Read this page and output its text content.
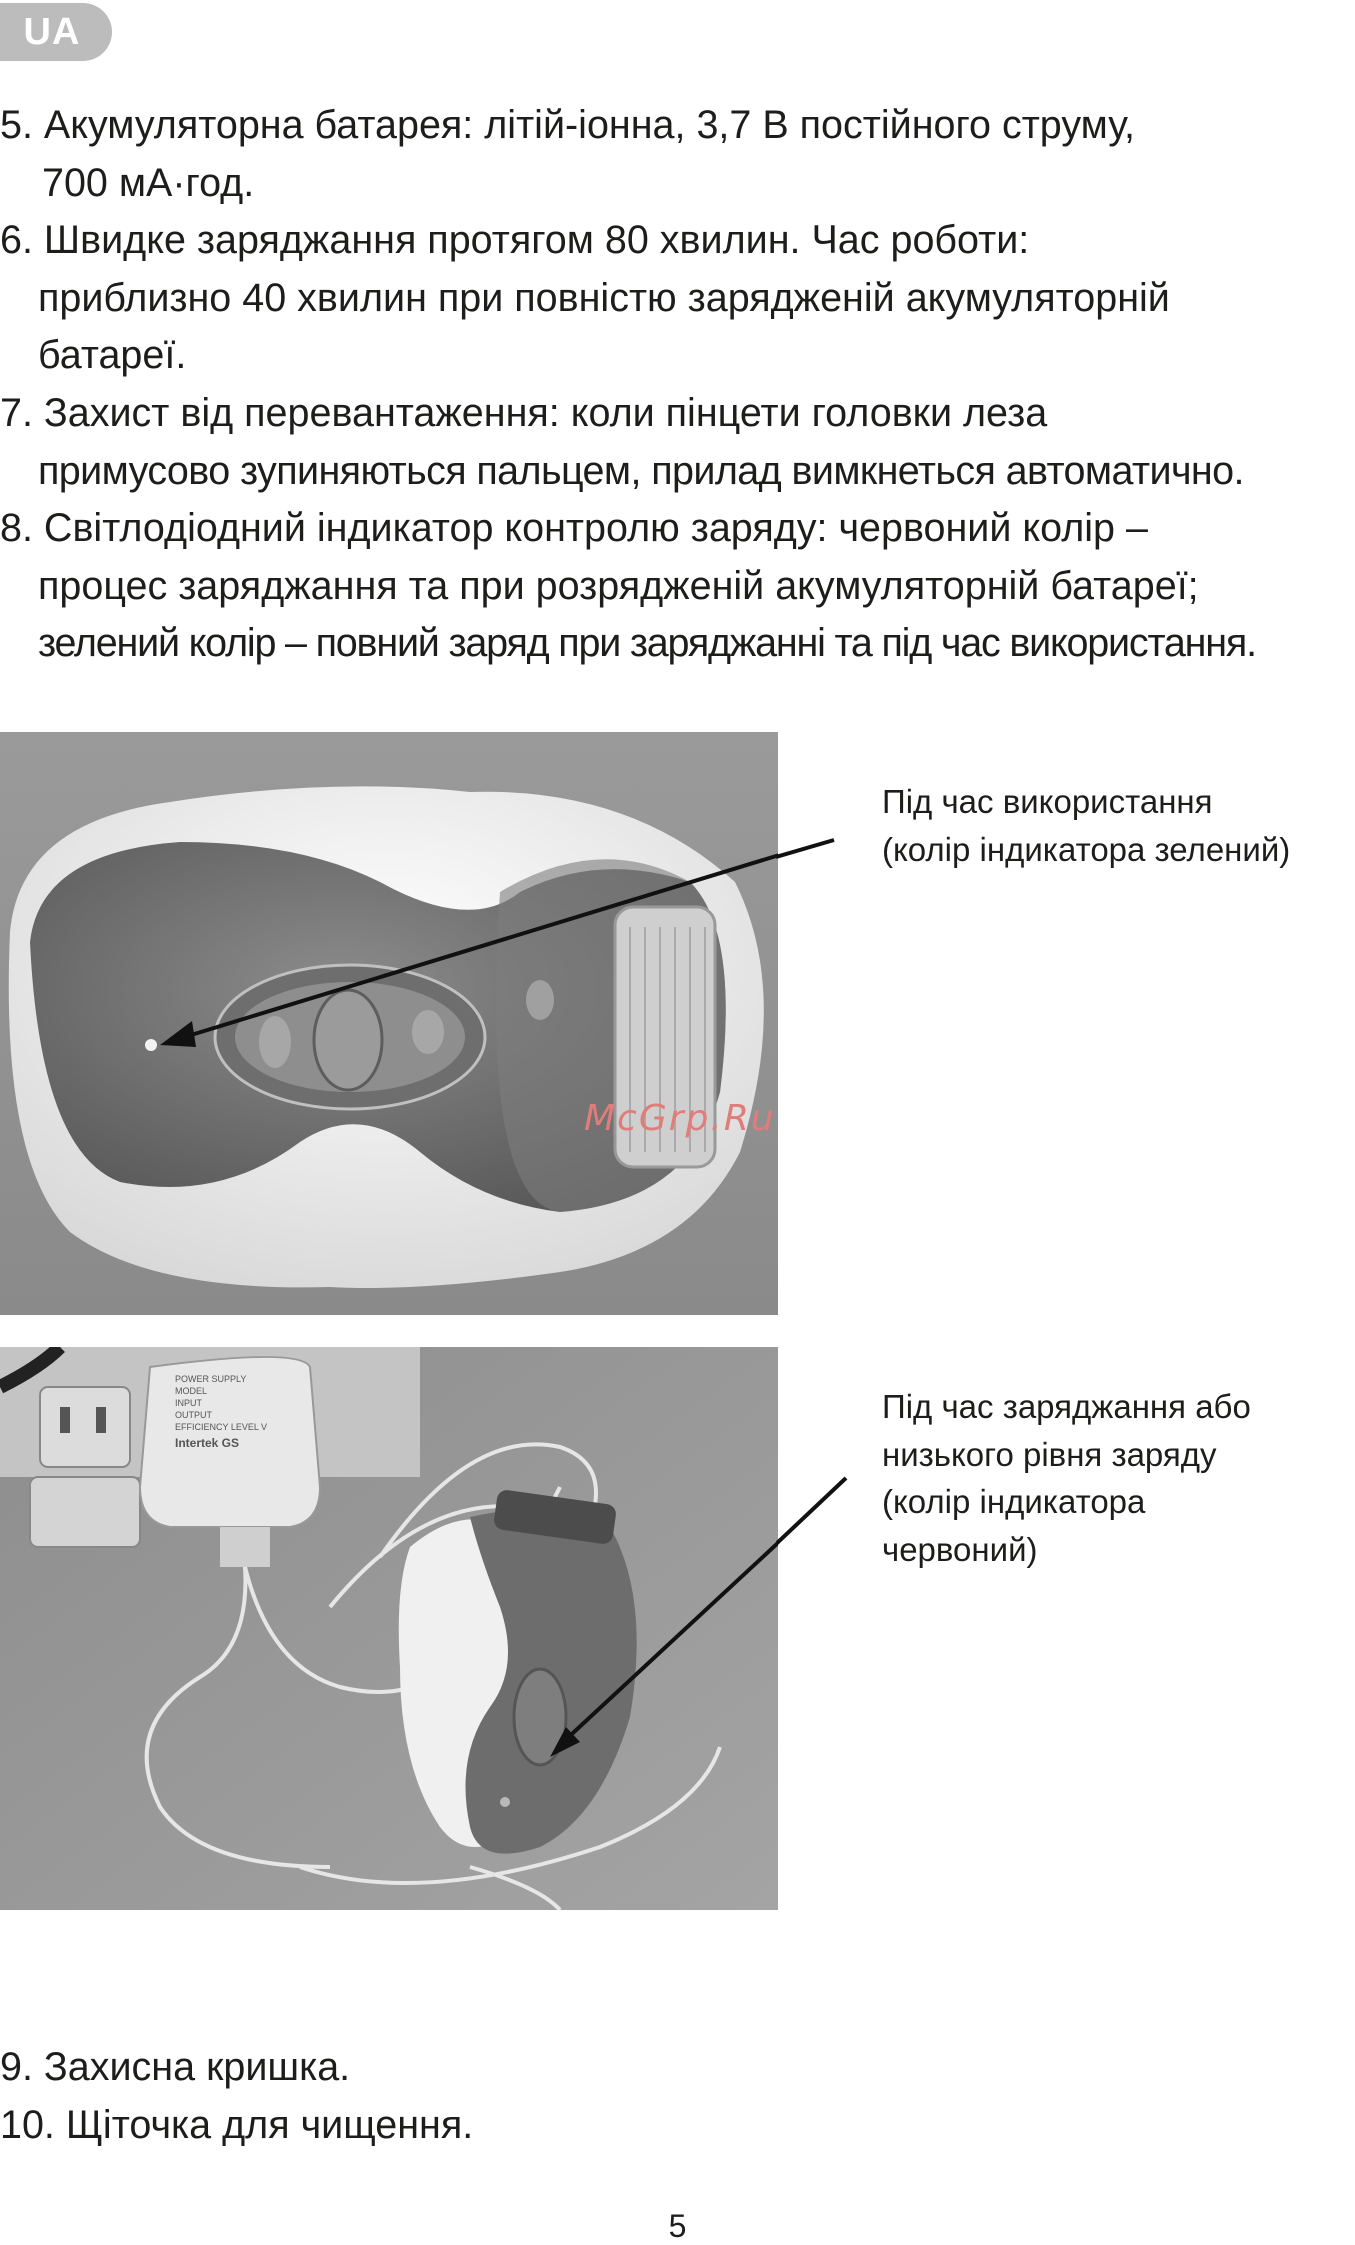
UA
5. Акумуляторна батарея: літій-іонна, 3,7 В постійного струму,
700 мА·год.
6. Швидке заряджання протягом 80 хвилин. Час роботи:
приблизно 40 хвилин при повністю зарядженій акумуляторній
батареї.
7. Захист від перевантаження: коли пінцети головки леза
примусово зупиняються пальцем, прилад вимкнеться автоматично.
8. Світлодіодний індикатор контролю заряду: червоний колір –
процес заряджання та при розрядженій акумуляторній батареї;
зелений колір – повний заряд при заряджанні та під час використання.
Під час використання
(колір індикатора зелений)
McGrp.Ru
POWER SUPPLY
MODEL
INPUT
OUTPUT
EFFICIENCY LEVEL V
Intertek GS
Під час заряджання або
низького рівня заряду
(колір індикатора
червоний)
9. Захисна кришка.
10. Щіточка для чищення.
5
